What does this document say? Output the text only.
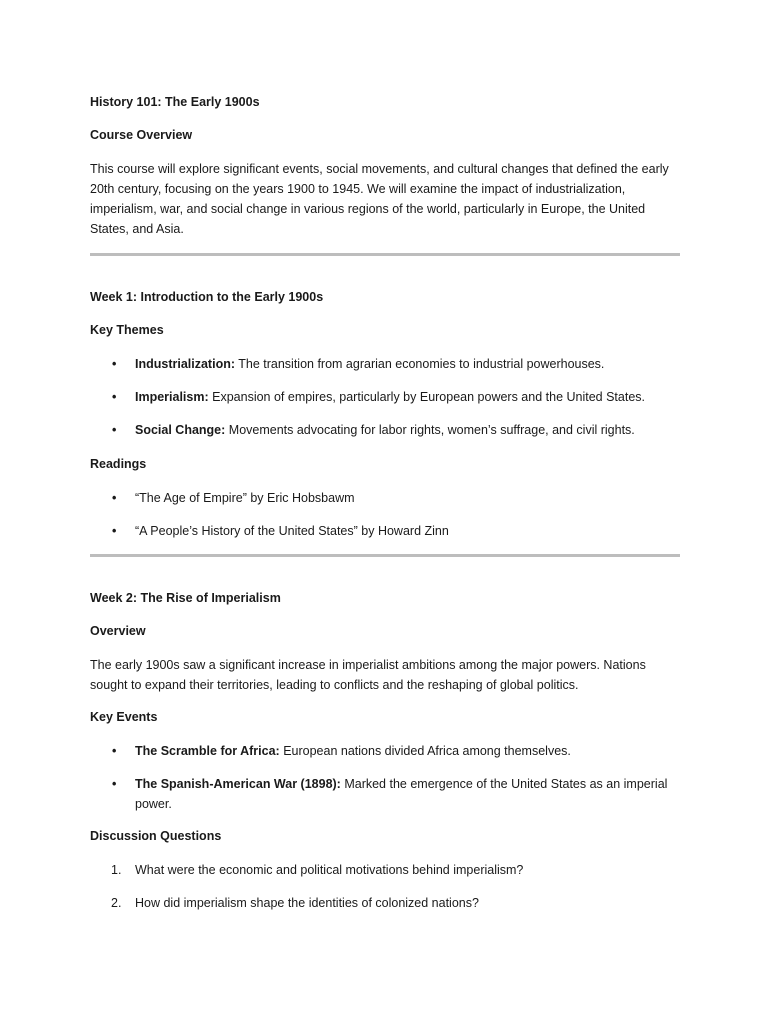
History 101: The Early 1900s

Course Overview

This course will explore significant events, social movements, and cultural changes that defined the early 20th century, focusing on the years 1900 to 1945. We will examine the impact of industrialization, imperialism, war, and social change in various regions of the world, particularly in Europe, the United States, and Asia.

Week 1: Introduction to the Early 1900s

Key Themes

• Industrialization: The transition from agrarian economies to industrial powerhouses.
• Imperialism: Expansion of empires, particularly by European powers and the United States.
• Social Change: Movements advocating for labor rights, women’s suffrage, and civil rights.

Readings

• “The Age of Empire” by Eric Hobsbawm
• “A People’s History of the United States” by Howard Zinn

Week 2: The Rise of Imperialism

Overview

The early 1900s saw a significant increase in imperialist ambitions among the major powers. Nations sought to expand their territories, leading to conflicts and the reshaping of global politics.

Key Events

• The Scramble for Africa: European nations divided Africa among themselves.
• The Spanish-American War (1898): Marked the emergence of the United States as an imperial power.

Discussion Questions

1. What were the economic and political motivations behind imperialism?
2. How did imperialism shape the identities of colonized nations?
